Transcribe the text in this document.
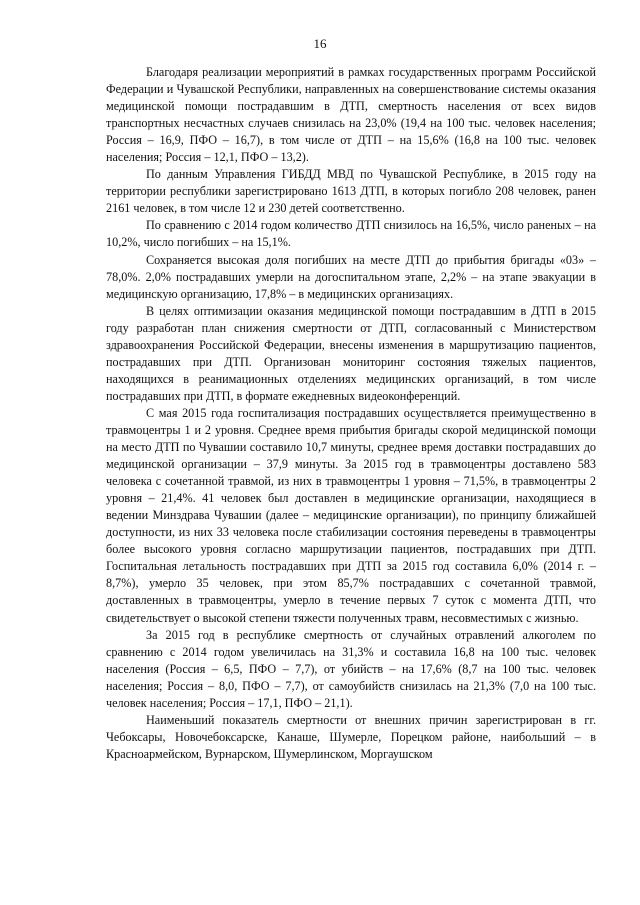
16

Благодаря реализации мероприятий в рамках государственных программ Российской Федерации и Чувашской Республики, направленных на совершенствование системы оказания медицинской помощи пострадавшим в ДТП, смертность населения от всех видов транспортных несчастных случаев снизилась на 23,0% (19,4 на 100 тыс. человек населения; Россия – 16,9, ПФО – 16,7), в том числе от ДТП – на 15,6% (16,8 на 100 тыс. человек населения; Россия – 12,1, ПФО – 13,2).

По данным Управления ГИБДД МВД по Чувашской Республике, в 2015 году на территории республики зарегистрировано 1613 ДТП, в которых погибло 208 человек, ранен 2161 человек, в том числе 12 и 230 детей соответственно.

По сравнению с 2014 годом количество ДТП снизилось на 16,5%, число раненых – на 10,2%, число погибших – на 15,1%.

Сохраняется высокая доля погибших на месте ДТП до прибытия бригады «03» – 78,0%. 2,0% пострадавших умерли на догоспитальном этапе, 2,2% – на этапе эвакуации в медицинскую организацию, 17,8% – в медицинских организациях.

В целях оптимизации оказания медицинской помощи пострадавшим в ДТП в 2015 году разработан план снижения смертности от ДТП, согласованный с Министерством здравоохранения Российской Федерации, внесены изменения в маршрутизацию пациентов, пострадавших при ДТП. Организован мониторинг состояния тяжелых пациентов, находящихся в реанимационных отделениях медицинских организаций, в том числе пострадавших при ДТП, в формате ежедневных видеоконференций.

С мая 2015 года госпитализация пострадавших осуществляется преимущественно в травмоцентры 1 и 2 уровня. Среднее время прибытия бригады скорой медицинской помощи на место ДТП по Чувашии составило 10,7 минуты, среднее время доставки пострадавших до медицинской организации – 37,9 минуты. За 2015 год в травмоцентры доставлено 583 человека с сочетанной травмой, из них в травмоцентры 1 уровня – 71,5%, в травмоцентры 2 уровня – 21,4%. 41 человек был доставлен в медицинские организации, находящиеся в ведении Минздрава Чувашии (далее – медицинские организации), по принципу ближайшей доступности, из них 33 человека после стабилизации состояния переведены в травмоцентры более высокого уровня согласно маршрутизации пациентов, пострадавших при ДТП. Госпитальная летальность пострадавших при ДТП за 2015 год составила 6,0% (2014 г. – 8,7%), умерло 35 человек, при этом 85,7% пострадавших с сочетанной травмой, доставленных в травмоцентры, умерло в течение первых 7 суток с момента ДТП, что свидетельствует о высокой степени тяжести полученных травм, несовместимых с жизнью.

За 2015 год в республике смертность от случайных отравлений алкоголем по сравнению с 2014 годом увеличилась на 31,3% и составила 16,8 на 100 тыс. человек населения (Россия – 6,5, ПФО – 7,7), от убийств – на 17,6% (8,7 на 100 тыс. человек населения; Россия – 8,0, ПФО – 7,7), от самоубийств снизилась на 21,3% (7,0 на 100 тыс. человек населения; Россия – 17,1, ПФО – 21,1).

Наименьший показатель смертности от внешних причин зарегистрирован в гг. Чебоксары, Новочебоксарске, Канаше, Шумерле, Порецком районе, наибольший – в Красноармейском, Вурнарском, Шумерлинском, Моргаушском
